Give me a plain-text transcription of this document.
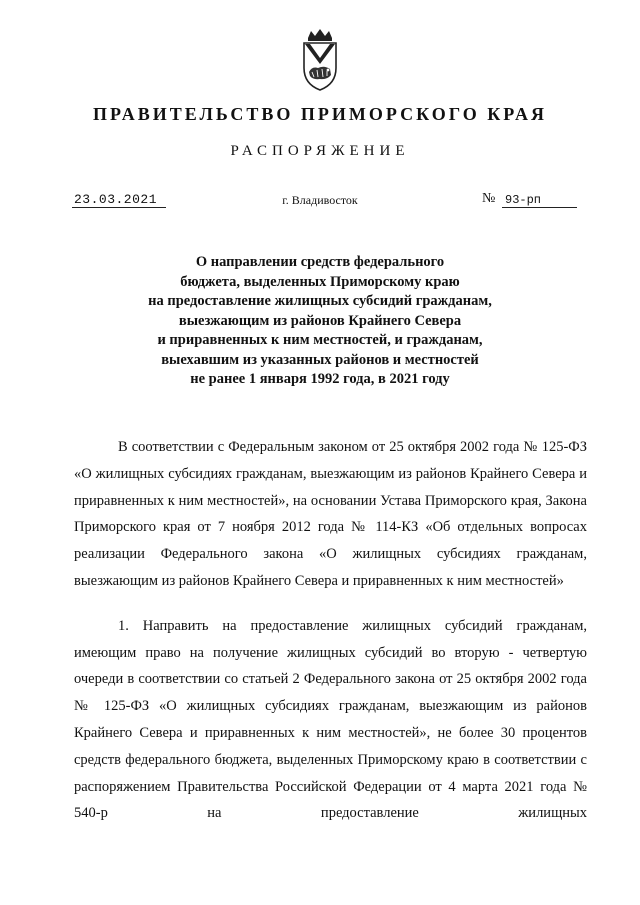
ПРАВИТЕЛЬСТВО ПРИМОРСКОГО КРАЯ
РАСПОРЯЖЕНИЕ
23.03.2021	г. Владивосток	№ 93-рп
О направлении средств федерального
бюджета, выделенных Приморскому краю
на предоставление жилищных субсидий гражданам,
выезжающим из районов Крайнего Севера
и приравненных к ним местностей, и гражданам,
выехавшим из указанных районов и местностей
не ранее 1 января 1992 года, в 2021 году

В соответствии с Федеральным законом от 25 октября 2002 года № 125-ФЗ «О жилищных субсидиях гражданам, выезжающим из районов Крайнего Севера и приравненных к ним местностей», на основании Устава Приморского края, Закона Приморского края от 7 ноября 2012 года № 114-КЗ «Об отдельных вопросах реализации Федерального закона «О жилищных субсидиях гражданам, выезжающим из районов Крайнего Севера и приравненных к ним местностей»

1. Направить на предоставление жилищных субсидий гражданам, имеющим право на получение жилищных субсидий во вторую - четвертую очереди в соответствии со статьей 2 Федерального закона от 25 октября 2002 года № 125-ФЗ «О жилищных субсидиях гражданам, выезжающим из районов Крайнего Севера и приравненных к ним местностей», не более 30 процентов средств федерального бюджета, выделенных Приморскому краю в соответствии с распоряжением Правительства Российской Федерации от 4 марта 2021 года № 540-р на предоставление жилищных
